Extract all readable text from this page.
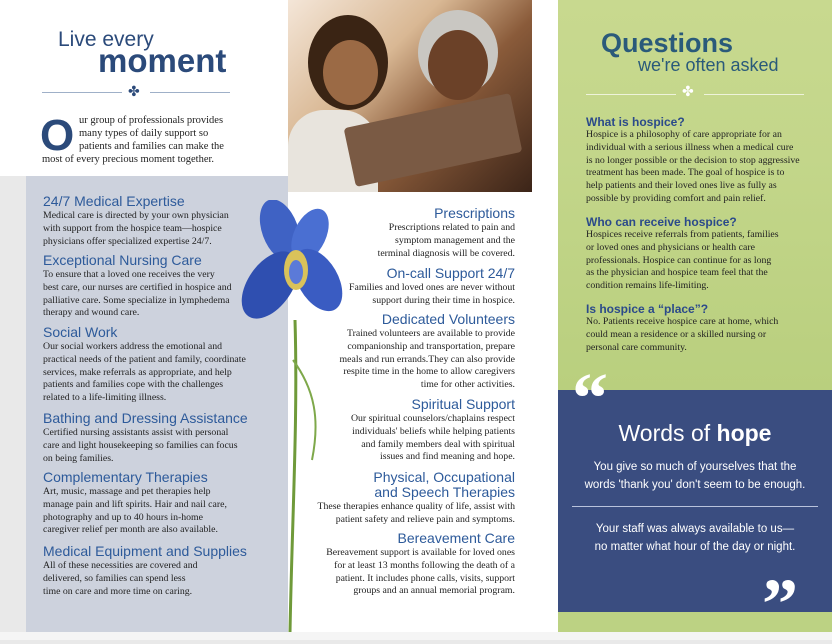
Live every
moment
✤
O ur group of professionals provides
many types of daily support so
patients and families can make the
most of every precious moment together.
24/7 Medical Expertise
Medical care is directed by your own physician
with support from the hospice team—hospice
physicians offer specialized expertise 24/7.
Exceptional Nursing Care
To ensure that a loved one receives the very
best care, our nurses are certified in hospice and
palliative care. Some specialize in lymphedema
therapy and wound care.
Social Work
Our social workers address the emotional and
practical needs of the patient and family, coordinate
services, make referrals as appropriate, and help
patients and families cope with the challenges
related to a life-limiting illness.
Bathing and Dressing Assistance
Certified nursing assistants assist with personal
care and light housekeeping so families can focus
on being families.
Complementary Therapies
Art, music, massage and pet therapies help
manage pain and lift spirits. Hair and nail care,
photography and up to 40 hours in-home
caregiver relief per month are also available.
Medical Equipment and Supplies
All of these necessities are covered and
delivered, so families can spend less
time on care and more time on caring.
Prescriptions
Prescriptions related to pain and
symptom management and the
terminal diagnosis will be covered.
On-call Support 24/7
Families and loved ones are never without
support during their time in hospice.
Dedicated Volunteers
Trained volunteers are available to provide
companionship and transportation, prepare
meals and run errands.They can also provide
respite time in the home to allow caregivers
time for other activities.
Spiritual Support
Our spiritual counselors/chaplains respect
individuals' beliefs while helping patients
and family members deal with spiritual
issues and find meaning and hope.
Physical, Occupational
and Speech Therapies
These therapies enhance quality of life, assist with
patient safety and relieve pain and symptoms.
Bereavement Care
Bereavement support is available for loved ones
for at least 13 months following the death of a
patient. It includes phone calls, visits, support
groups and an annual memorial program.
Questions
we're often asked
✤
What is hospice?
Hospice is a philosophy of care appropriate for an
individual with a serious illness when a medical cure
is no longer possible or the decision to stop aggressive
treatment has been made. The goal of hospice is to
help patients and their loved ones live as fully as
possible by providing comfort and pain relief.
Who can receive hospice?
Hospices receive referrals from patients, families
or loved ones and physicians or health care
professionals. Hospice can continue for as long
as the physician and hospice team feel that the
condition remains life-limiting.
Is hospice a “place”?
No. Patients receive hospice care at home, which
could mean a residence or a skilled nursing or
personal care community.
“ Words of hope
You give so much of yourselves that the
words 'thank you' don't seem to be enough.
Your staff was always available to us—
no matter what hour of the day or night.
”
